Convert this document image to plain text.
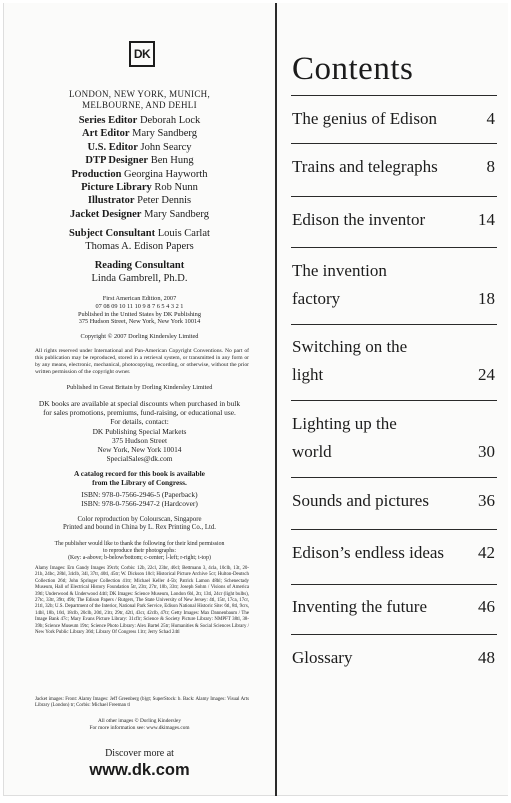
DK
LONDON, NEW YORK, MUNICH,
MELBOURNE, AND DEHLI
Series Editor Deborah Lock
Art Editor Mary Sandberg
U.S. Editor John Searcy
DTP Designer Ben Hung
Production Georgina Hayworth
Picture Library Rob Nunn
Illustrator Peter Dennis
Jacket Designer Mary Sandberg
Subject Consultant Louis Carlat
Thomas A. Edison Papers
Reading Consultant
Linda Gambrell, Ph.D.
First American Edition, 2007
07 08 09 10 11 10 9 8 7 6 5 4 3 2 1
Published in the United States by DK Publishing
375 Hudson Street, New York, New York 10014
Copyright © 2007 Dorling Kindersley Limited
All rights reserved under International and Pan-American Copyright Conventions. No part of this publication may be reproduced, stored in a retrieval system, or transmitted in any form or by any means, electronic, mechanical, photocopying, recording, or otherwise, without the prior written permission of the copyright owner.
Published in Great Britain by Dorling Kindersley Limited
DK books are available at special discounts when purchased in bulk
for sales promotions, premiums, fund-raising, or educational use.
For details, contact:
DK Publishing Special Markets
375 Hudson Street
New York, New York 10014
SpecialSales@dk.com
A catalog record for this book is available
from the Library of Congress.
ISBN: 978-0-7566-2946-5 (Paperback)
ISBN: 978-0-7566-2947-2 (Hardcover)
Color reproduction by Colourscan, Singapore
Printed and bound in China by L. Rex Printing Co., Ltd.
The publisher would like to thank the following for their kind permission
to reproduce their photographs:
(Key: a-above; b-below/bottom; c-center; l-left; r-right; t-top)
Alamy Images: Ern Gandy Images 39crb; Corbis: 12b, 22cl, 23br, 40cl; Bettmann 3, 4cla, 10clb, 13t, 20-21b, 24bc, 28bl, 34clb, 34l, 37tr, 40tl, 45tr; W. Dickson 10cl; Historical Picture Archive 5cr; Hulton-Deutsch Collection 26tl; John Springer Collection 41tr; Michael Keller 4-5b; Patrick Lamon 48bl; Schenectady Museum, Hall of Electrical History Foundation 5tr, 23tr, 27tr, 10b, 33tr; Joseph Sohm / Visions of America 39tl; Underwood & Underwood 44tl; DK Images: Science Museum, London 6bl, 2tr, 13tl, 24cr (light bulbs), 27tc, 33tr, 39tr, 49b; The Edison Papers / Rutgers, The State University of New Jersey: 4tl, 15tr, 17ca, 17cr, 21tl, 32b; U.S. Department of the Interior, National Park Service, Edison National Historic Site: 6tl, 8tl, 9crs, 14bl, 18b, 16tl, 18clb, 20clb, 20tl, 21tr, 29tr, 42tl, 43cr, 42clb, 47tr; Getty Images: Max Dannenbaum / The Image Bank 47c; Mary Evans Picture Library: 31cflr; Science & Society Picture Library: NMPFT 38tl, 38-39b; Science Museum 19tc; Science Photo Library: Alex Bartel 25tr; Humanities & Social Sciences Library / New York Public Library 36tl; Library Of Congress 11tr; Jerry Schad 24tl
Jacket images: Front: Alamy Images: Jeff Greenberg (b)gt; SuperStock: b. Back: Alamy Images: Visual Arts Library (London) tr; Corbis: Michael Freeman tl
All other images © Dorling Kindersley
For more information see: www.dkimages.com
Discover more at
www.dk.com
Contents
The genius of Edison	4
Trains and telegraphs	8
Edison the inventor	14
The invention
factory	18
Switching on the
light	24
Lighting up the
world	30
Sounds and pictures	36
Edison’s endless ideas 42
Inventing the future	46
Glossary	48
